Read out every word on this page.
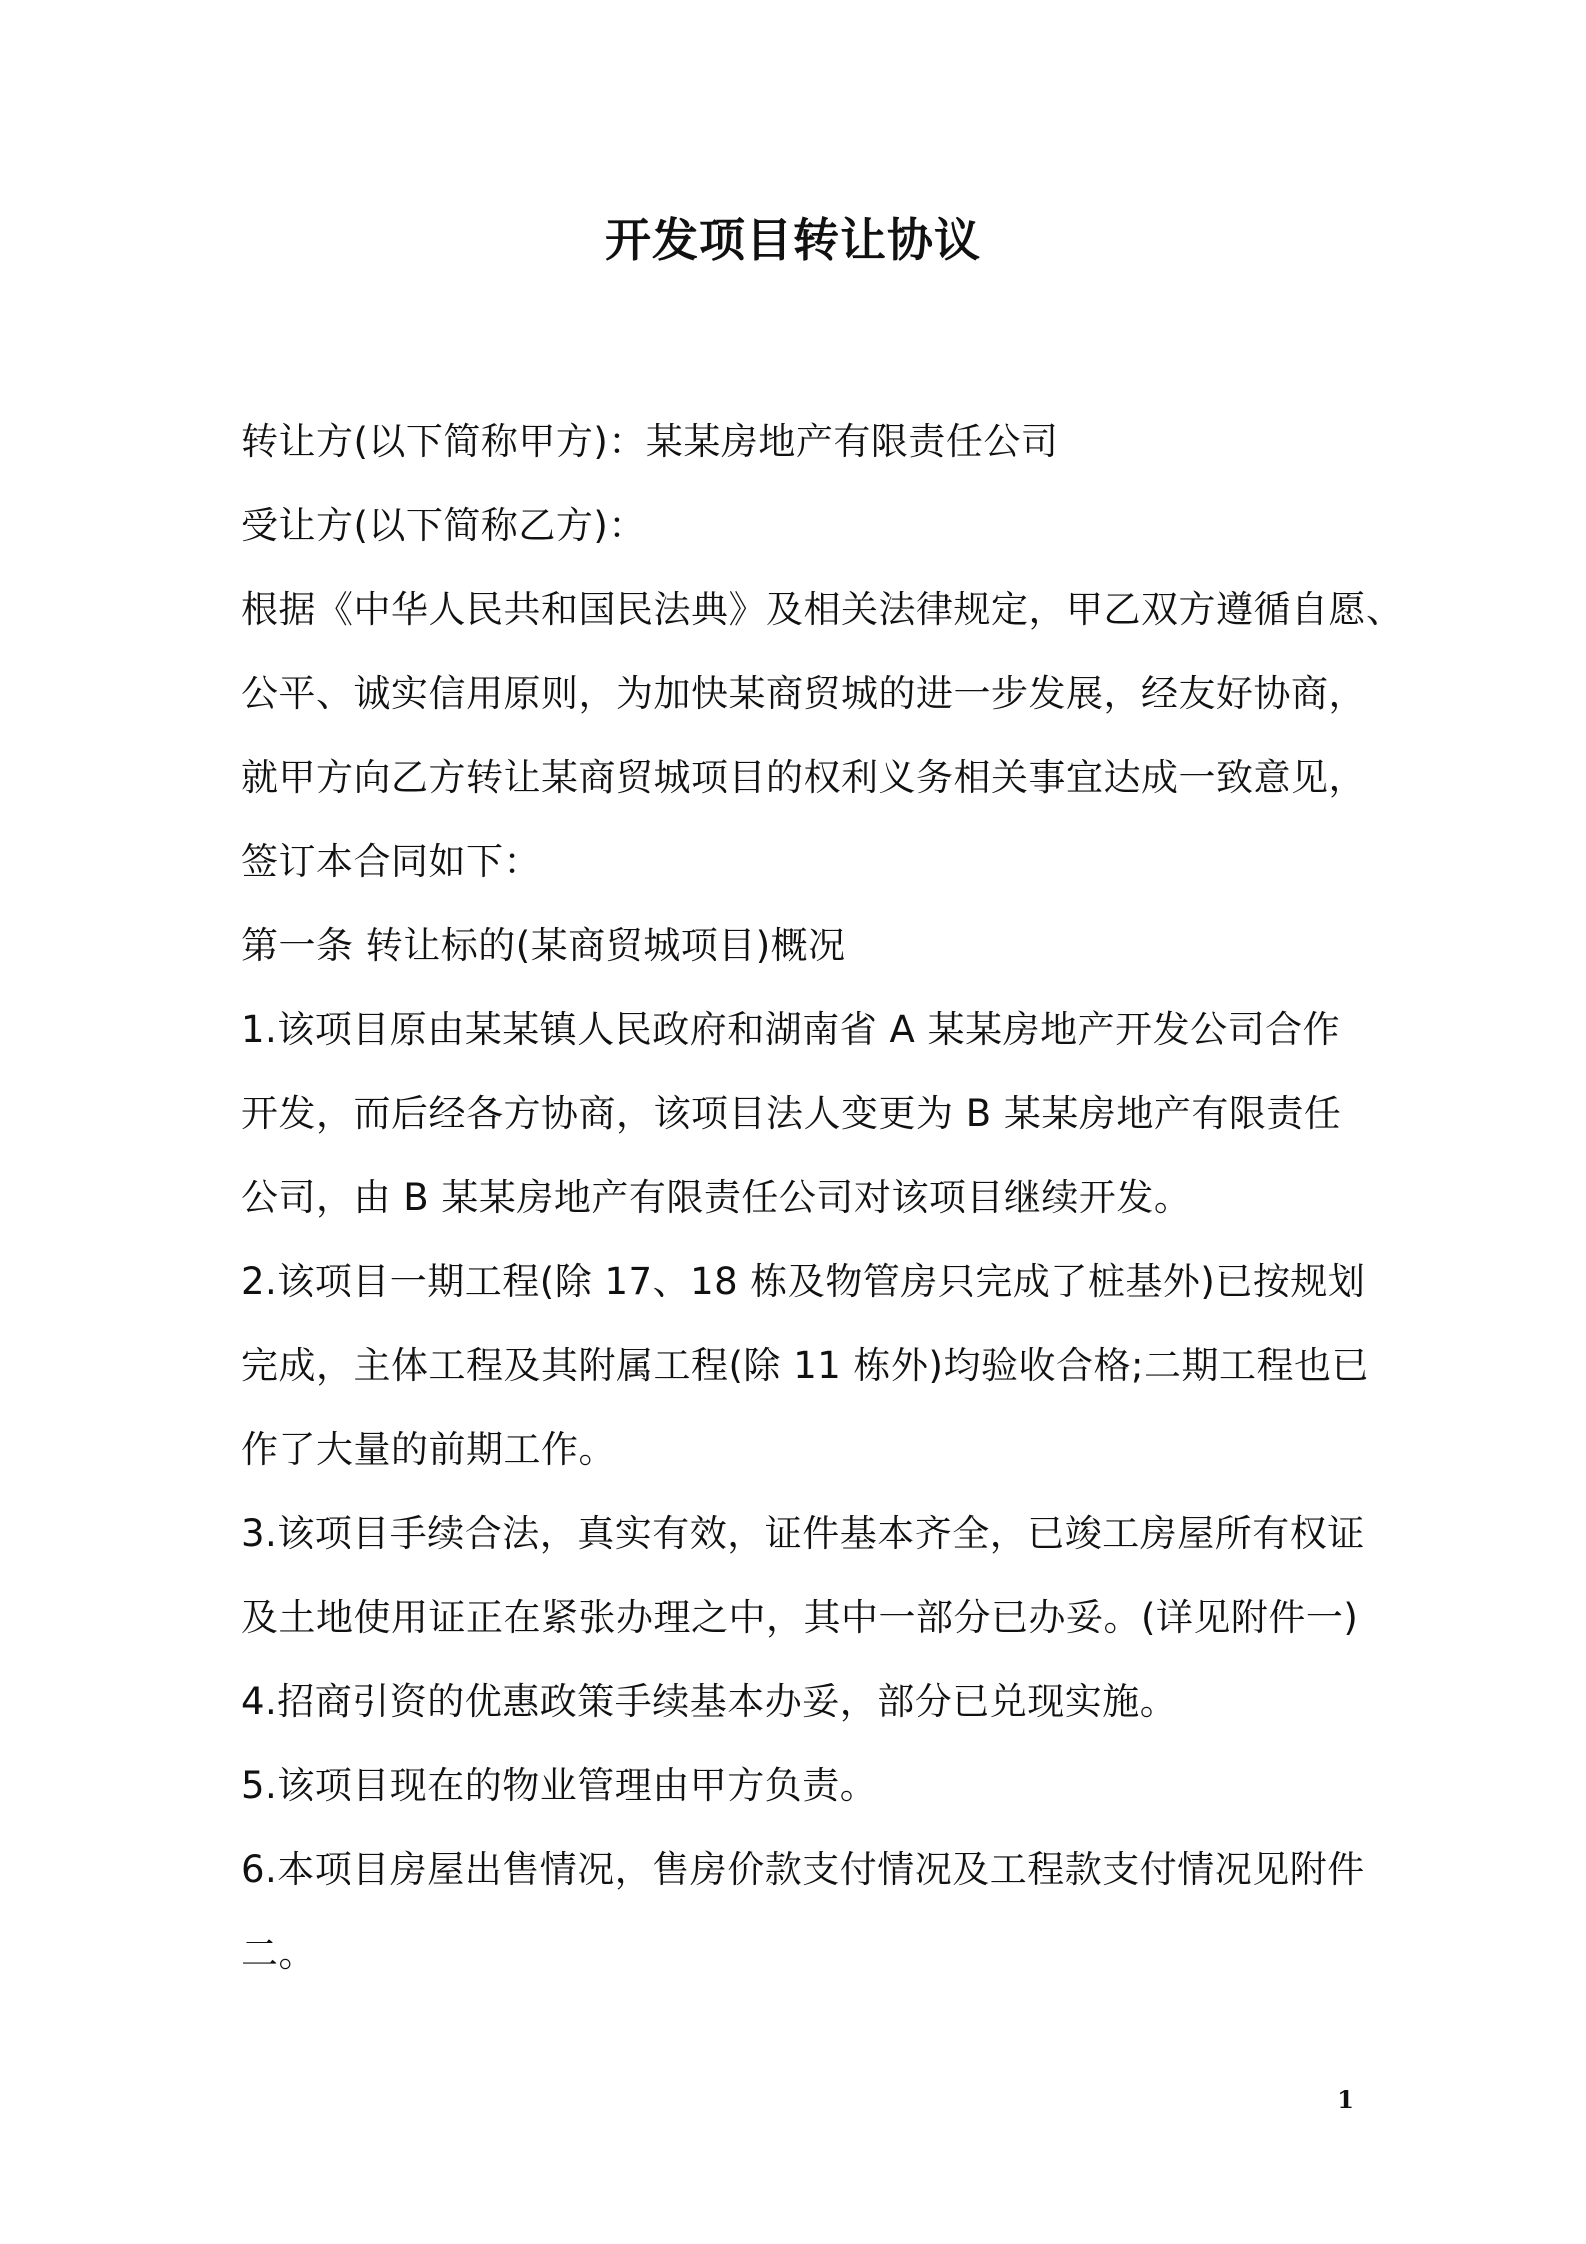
开发项目转让协议
转让方(以下简称甲方)：某某房地产有限责任公司
受让方(以下简称乙方)：
根据《中华人民共和国民法典》及相关法律规定，甲乙双方遵循自愿、
公平、诚实信用原则，为加快某商贸城的进一步发展，经友好协商，
就甲方向乙方转让某商贸城项目的权利义务相关事宜达成一致意见，
签订本合同如下：
第一条 转让标的(某商贸城项目)概况
1.该项目原由某某镇人民政府和湖南省 A 某某房地产开发公司合作
开发，而后经各方协商，该项目法人变更为 B 某某房地产有限责任
公司，由 B 某某房地产有限责任公司对该项目继续开发。
2.该项目一期工程(除 17、18 栋及物管房只完成了桩基外)已按规划
完成，主体工程及其附属工程(除 11 栋外)均验收合格;二期工程也已
作了大量的前期工作。
3.该项目手续合法，真实有效，证件基本齐全，已竣工房屋所有权证
及土地使用证正在紧张办理之中，其中一部分已办妥。(详见附件一)
4.招商引资的优惠政策手续基本办妥，部分已兑现实施。
5.该项目现在的物业管理由甲方负责。
6.本项目房屋出售情况，售房价款支付情况及工程款支付情况见附件
二。
1
